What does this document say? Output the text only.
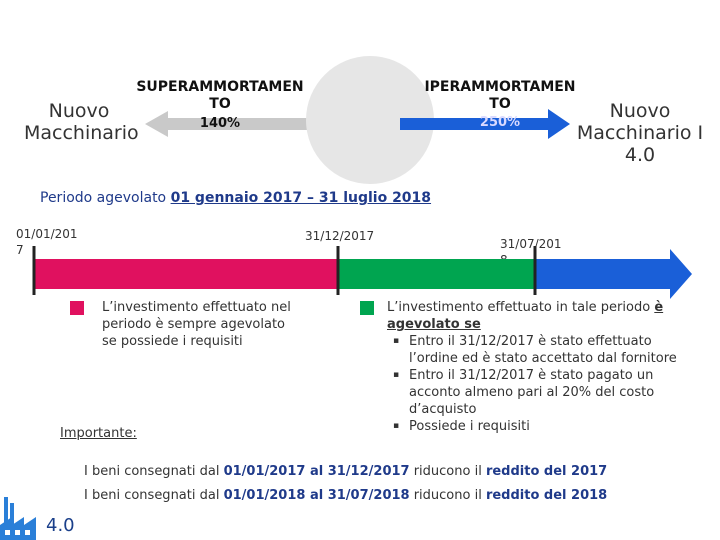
Nuovo Macchinario
SUPERAMMORTAMEN
TO
140%
IPERAMMORTAMEN
TO	Nuovo
Macchinario I 4.0
Periodo agevolato 01 gennaio 2017 – 31 luglio 2018
01/01/201
7
31/12/2017
31/07/201
L’investimento effettuato nel periodo è sempre agevolato se possiede i requisiti
Importante:
L’investimento effettuato in tale periodo è agevolato se
▪ Entro il 31/12/2017 è stato effettuato l’ordine ed è stato accettato dal fornitore
▪ Entro il 31/12/2017 è stato pagato un acconto almeno pari al 20% del costo d’acquisto
▪ Possiede i requisiti
I beni consegnati dal 01/01/2017 al 31/12/2017 riducono il reddito del 2017
I beni consegnati dal 01/01/2018 al 31/07/2018 riducono il reddito del 2018
4.0
